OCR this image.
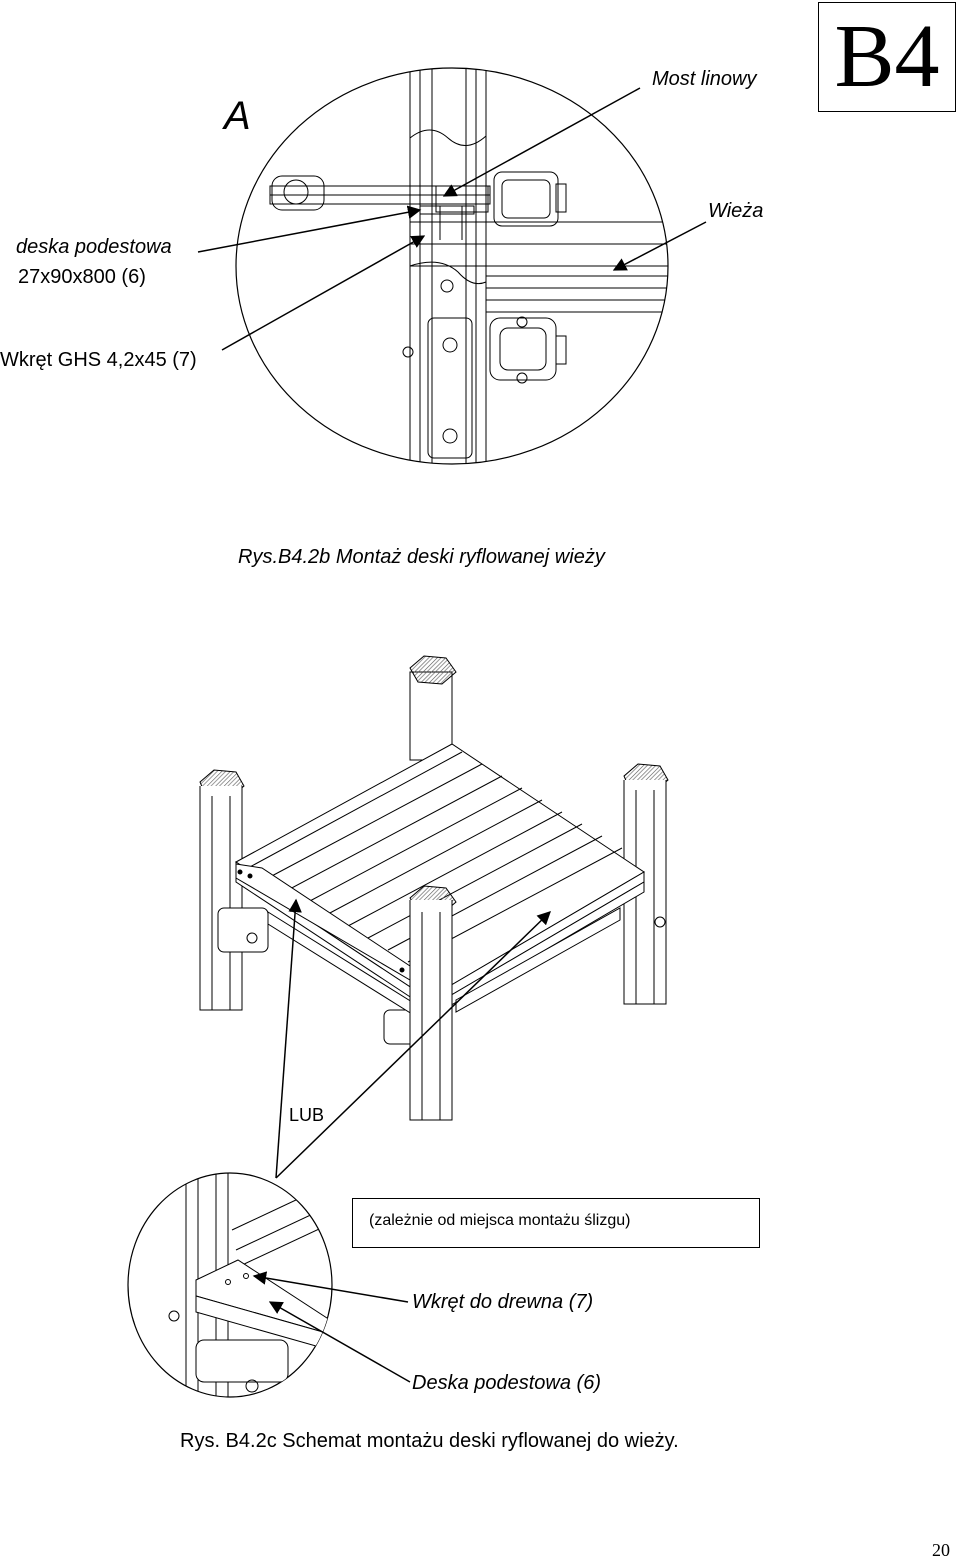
B4
A
Most linowy
Wieża
deska podestowa
27x90x800 (6)
Wkręt GHS 4,2x45 (7)
Rys.B4.2b Montaż deski ryflowanej wieży
LUB
(zależnie od miejsca montażu ślizgu)
Wkręt do drewna (7)
Deska podestowa (6)
Rys. B4.2c Schemat montażu deski ryflowanej do wieży.
20
